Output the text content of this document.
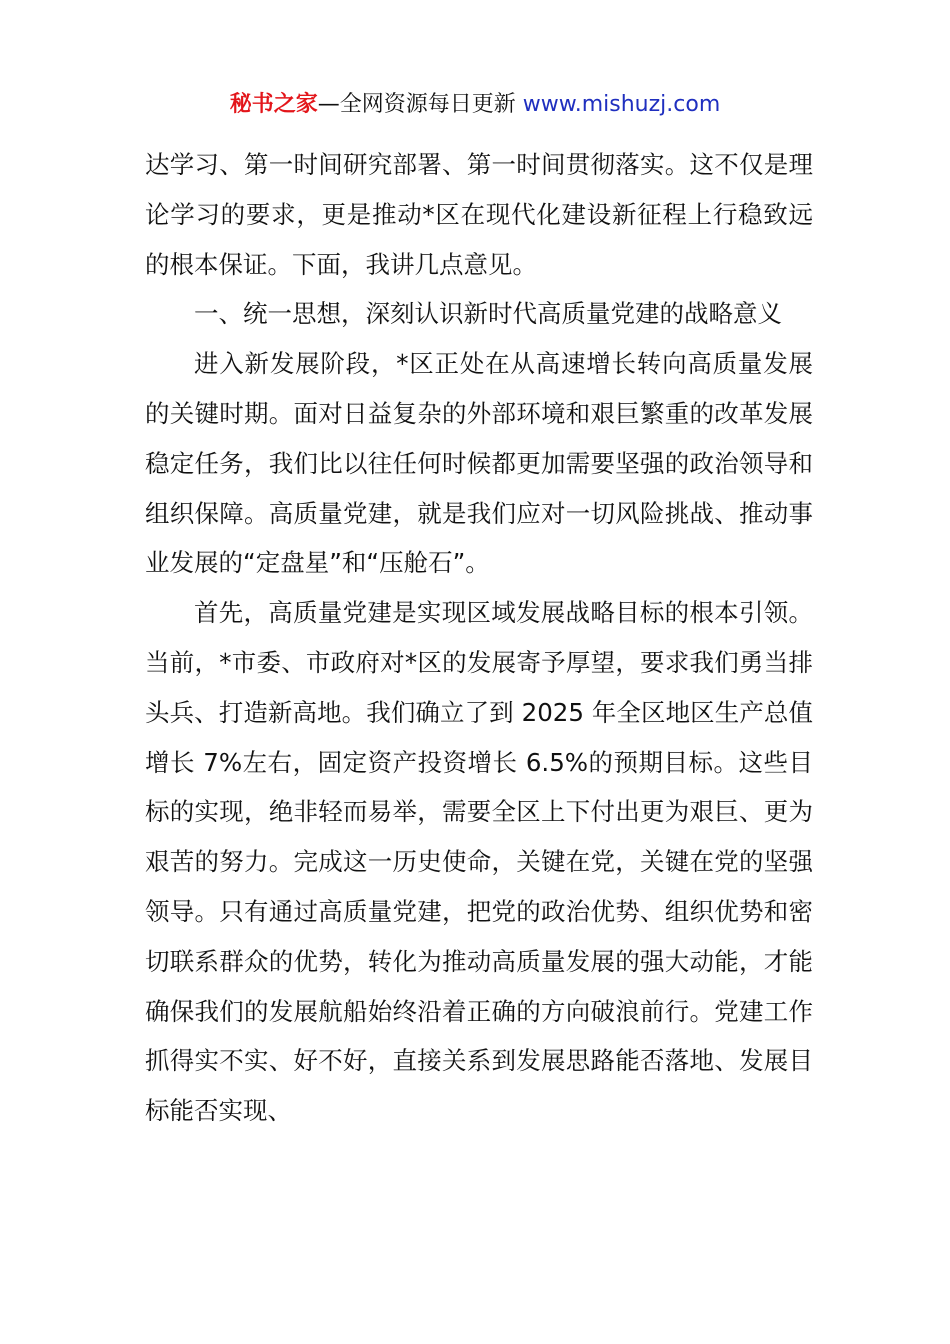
秘书之家—全网资源每日更新 www.mishuzj.com

达学习、第一时间研究部署、第一时间贯彻落实。这不仅是理论学习的要求，更是推动*区在现代化建设新征程上行稳致远的根本保证。下面，我讲几点意见。

一、统一思想，深刻认识新时代高质量党建的战略意义

进入新发展阶段，*区正处在从高速增长转向高质量发展的关键时期。面对日益复杂的外部环境和艰巨繁重的改革发展稳定任务，我们比以往任何时候都更加需要坚强的政治领导和组织保障。高质量党建，就是我们应对一切风险挑战、推动事业发展的“定盘星”和“压舱石”。

首先，高质量党建是实现区域发展战略目标的根本引领。当前，*市委、市政府对*区的发展寄予厚望，要求我们勇当排头兵、打造新高地。我们确立了到 2025 年全区地区生产总值增长 7%左右，固定资产投资增长 6.5%的预期目标。这些目标的实现，绝非轻而易举，需要全区上下付出更为艰巨、更为艰苦的努力。完成这一历史使命，关键在党，关键在党的坚强领导。只有通过高质量党建，把党的政治优势、组织优势和密切联系群众的优势，转化为推动高质量发展的强大动能，才能确保我们的发展航船始终沿着正确的方向破浪前行。党建工作抓得实不实、好不好，直接关系到发展思路能否落地、发展目标能否实现、
